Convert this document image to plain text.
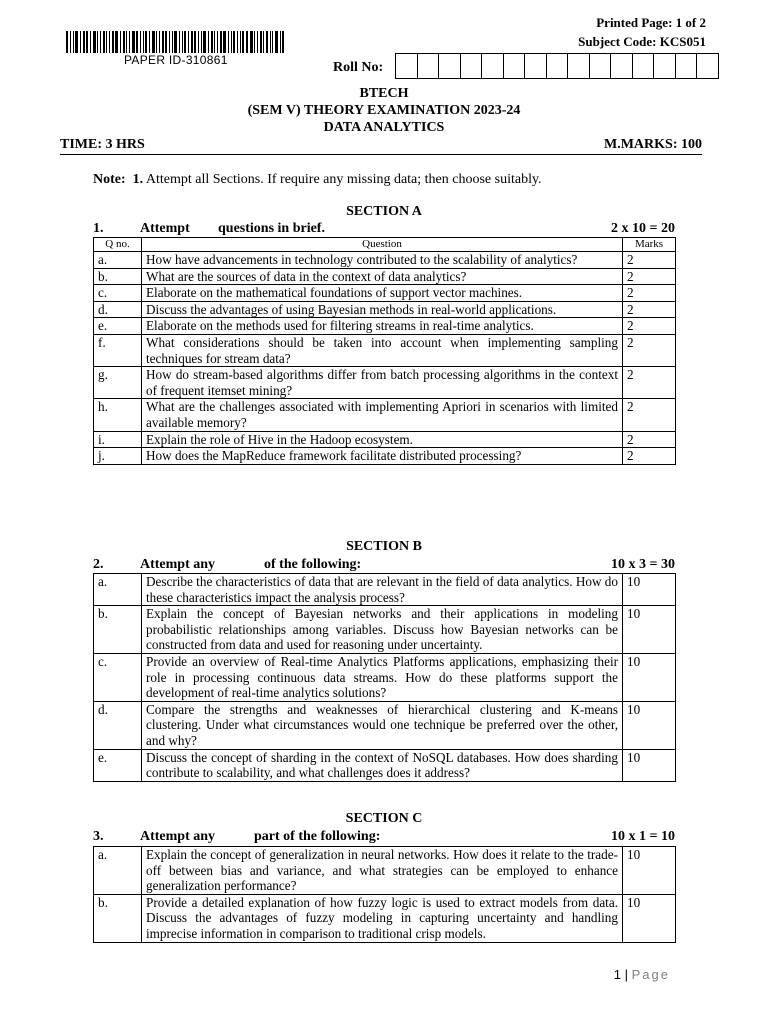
PAPER ID-310861
Printed Page: 1 of 2
Subject Code: KCS051
Roll No:
BTECH
(SEM V) THEORY EXAMINATION 2023-24
DATA ANALYTICS
TIME: 3 HRS	M.MARKS: 100
Note: 1. Attempt all Sections. If require any missing data; then choose suitably.
SECTION A
1.	Attempt questions in brief.	2 x 10 = 20
Q no.	Question	Marks
a.	How have advancements in technology contributed to the scalability of analytics?	2
b.	What are the sources of data in the context of data analytics?	2
c.	Elaborate on the mathematical foundations of support vector machines.	2
d.	Discuss the advantages of using Bayesian methods in real-world applications.	2
e.	Elaborate on the methods used for filtering streams in real-time analytics.	2
f.	What considerations should be taken into account when implementing sampling techniques for stream data?	2
g.	How do stream-based algorithms differ from batch processing algorithms in the context of frequent itemset mining?	2
h.	What are the challenges associated with implementing Apriori in scenarios with limited available memory?	2
i.	Explain the role of Hive in the Hadoop ecosystem.	2
j.	How does the MapReduce framework facilitate distributed processing?	2
SECTION B
2.	Attempt any	of the following:	10 x 3 = 30
a.	Describe the characteristics of data that are relevant in the field of data analytics. How do these characteristics impact the analysis process?	10
b.	Explain the concept of Bayesian networks and their applications in modeling probabilistic relationships among variables. Discuss how Bayesian networks can be constructed from data and used for reasoning under uncertainty.	10
c.	Provide an overview of Real-time Analytics Platforms applications, emphasizing their role in processing continuous data streams. How do these platforms support the development of real-time analytics solutions?	10
d.	Compare the strengths and weaknesses of hierarchical clustering and K-means clustering. Under what circumstances would one technique be preferred over the other, and why?	10
e.	Discuss the concept of sharding in the context of NoSQL databases. How does sharding contribute to scalability, and what challenges does it address?	10
SECTION C
3.	Attempt any	part of the following:	10 x 1 = 10
a.	Explain the concept of generalization in neural networks. How does it relate to the trade-off between bias and variance, and what strategies can be employed to enhance generalization performance?	10
b.	Provide a detailed explanation of how fuzzy logic is used to extract models from data. Discuss the advantages of fuzzy modeling in capturing uncertainty and handling imprecise information in comparison to traditional crisp models.	10
1 | Page
